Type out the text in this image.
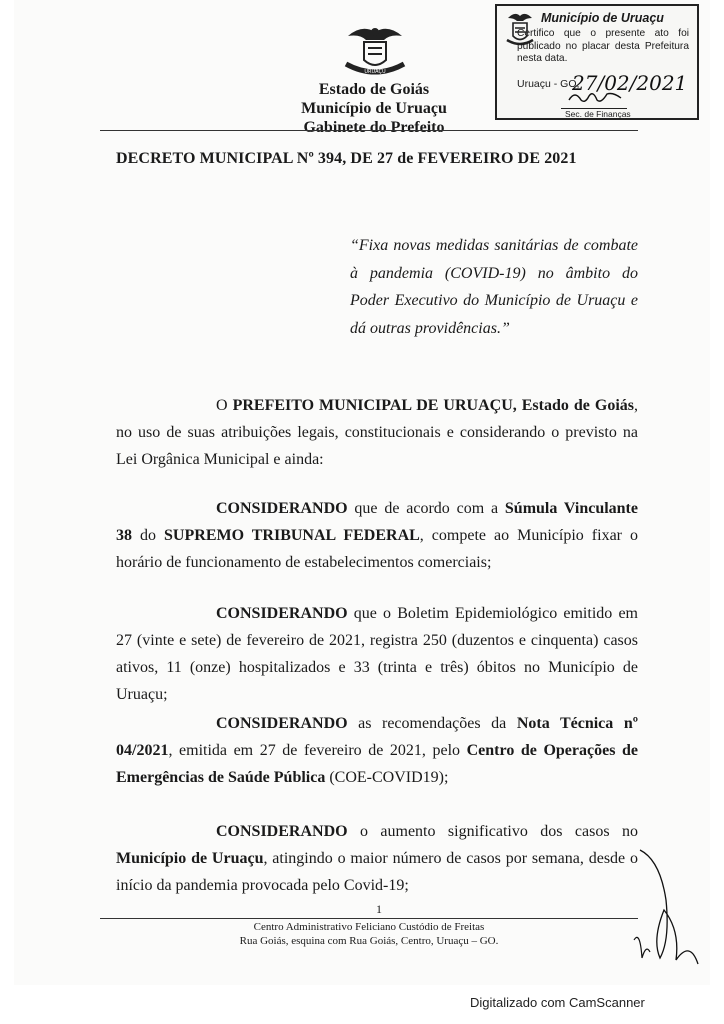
URUAÇU
Estado de Goiás
Município de Uruaçu
Gabinete do Prefeito
Município de Uruaçu
Certifico que o presente ato foi publicado no placar desta Prefeitura nesta data.
Uruaçu - GO,
27/02/2021
Sec. de Finanças
DECRETO MUNICIPAL Nº 394, DE 27 de FEVEREIRO DE 2021
“Fixa novas medidas sanitárias de combate à pandemia (COVID-19) no âmbito do Poder Executivo do Município de Uruaçu e dá outras providências.”
O PREFEITO MUNICIPAL DE URUAÇU, Estado de Goiás, no uso de suas atribuições legais, constitucionais e considerando o previsto na Lei Orgânica Municipal e ainda:
CONSIDERANDO que de acordo com a Súmula Vinculante 38 do SUPREMO TRIBUNAL FEDERAL, compete ao Município fixar o horário de funcionamento de estabelecimentos comerciais;
CONSIDERANDO que o Boletim Epidemiológico emitido em 27 (vinte e sete) de fevereiro de 2021, registra 250 (duzentos e cinquenta) casos ativos, 11 (onze) hospitalizados e 33 (trinta e três) óbitos no Município de Uruaçu;
CONSIDERANDO as recomendações da Nota Técnica nº 04/2021, emitida em 27 de fevereiro de 2021, pelo Centro de Operações de Emergências de Saúde Pública (COE-COVID19);
CONSIDERANDO o aumento significativo dos casos no Município de Uruaçu, atingindo o maior número de casos por semana, desde o início da pandemia provocada pelo Covid-19;
1
Centro Administrativo Feliciano Custódio de Freitas
Rua Goiás, esquina com Rua Goiás, Centro, Uruaçu – GO.
Digitalizado com CamScanner
